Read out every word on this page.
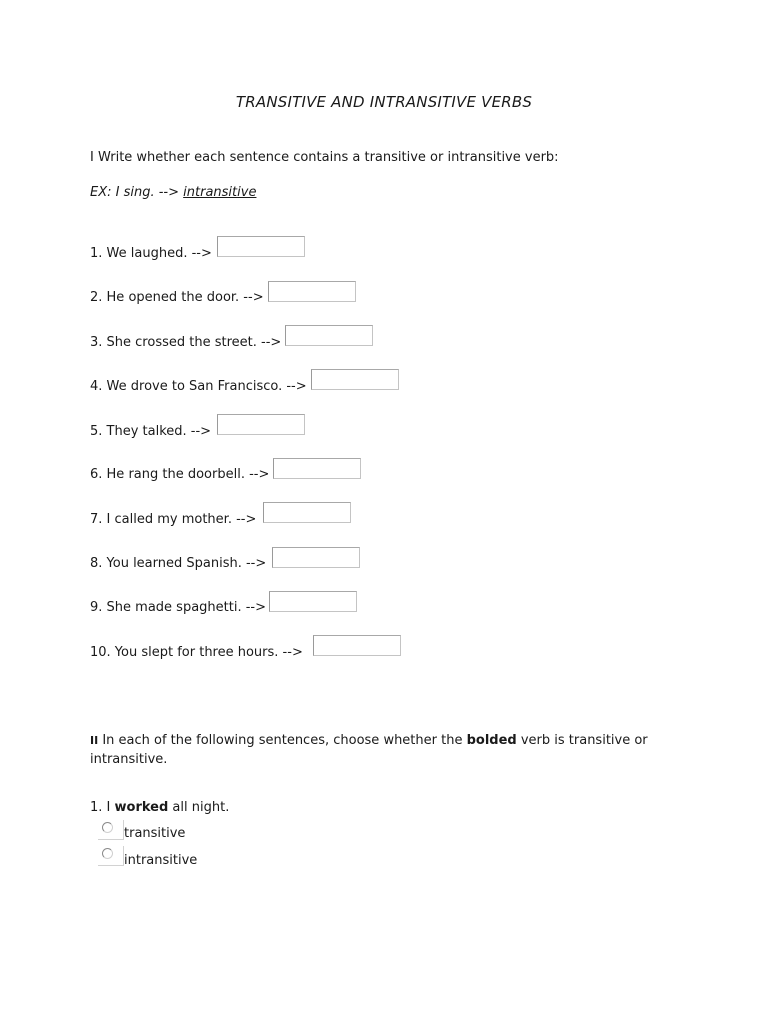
TRANSITIVE AND INTRANSITIVE VERBS
I Write whether each sentence contains a transitive or intransitive verb:
EX: I sing. --> intransitive
1. We laughed. -->
2. He opened the door. -->
3. She crossed the street. -->
4. We drove to San Francisco. -->
5. They talked. -->
6. He rang the doorbell. -->
7. I called my mother. -->
8. You learned Spanish. -->
9. She made spaghetti. -->
10. You slept for three hours. -->
II In each of the following sentences, choose whether the bolded verb is transitive or intransitive.
1. I worked all night.
transitive
intransitive
